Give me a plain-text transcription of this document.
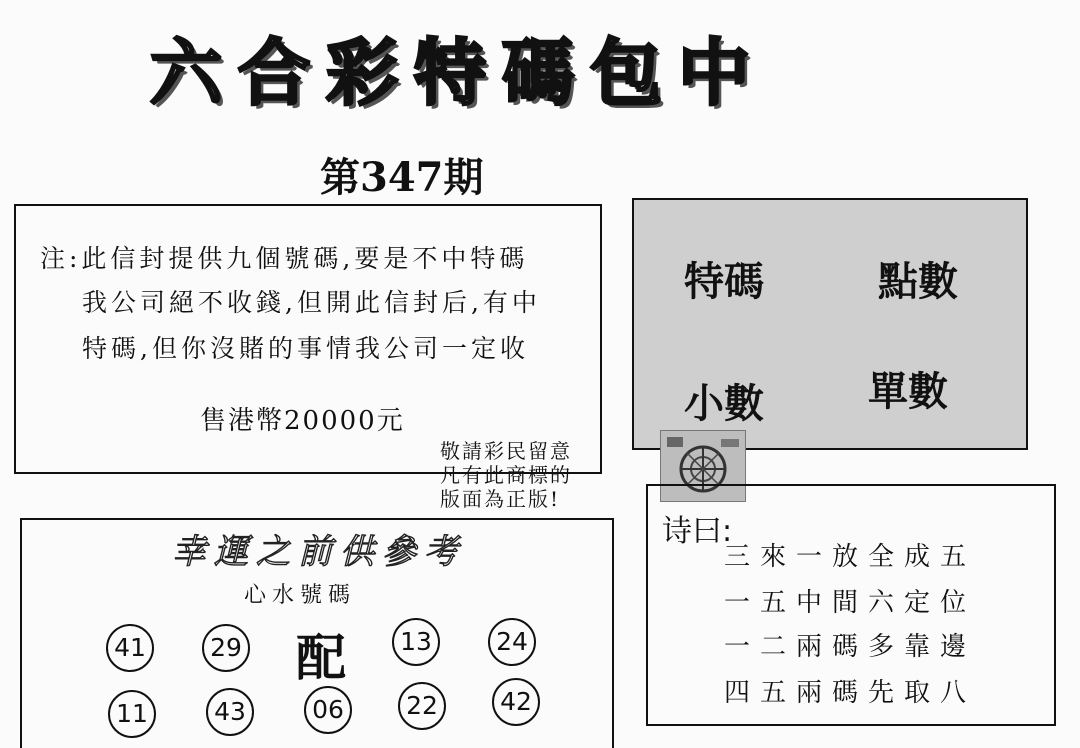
六合彩特碼包中
第347期
注:此信封提供九個號碼,要是不中特碼
我公司絕不收錢,但開此信封后,有中
特碼,但你沒賭的事情我公司一定收
售港幣20000元
特碼	點數
小數	單數
敬請彩民留意
凡有此商標的
版面為正版!
幸運之前供參考
心水號碼
41	29 配	13	24
11	43	06	22	42
诗曰:
三來一放全成五
一五中間六定位
一二兩碼多靠邊
四五兩碼先取八
